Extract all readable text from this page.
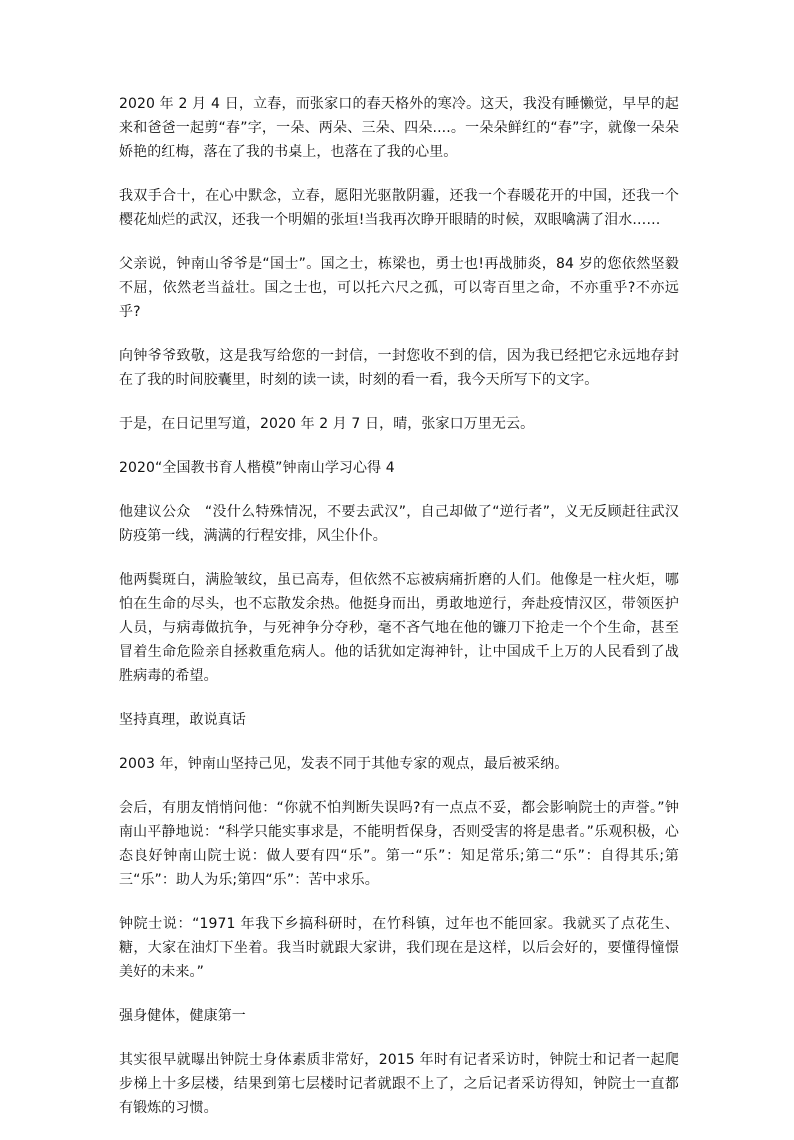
2020 年 2 月 4 日，立春，而张家口的春天格外的寒冷。这天，我没有睡懒觉，早早的起来和爸爸一起剪“春”字，一朵、两朵、三朵、四朵....。一朵朵鲜红的“春”字，就像一朵朵娇艳的红梅，落在了我的书桌上，也落在了我的心里。

我双手合十，在心中默念，立春，愿阳光驱散阴霾，还我一个春暖花开的中国，还我一个樱花灿烂的武汉，还我一个明媚的张垣!当我再次睁开眼睛的时候，双眼噙满了泪水……

父亲说，钟南山爷爷是“国士”。国之士，栋梁也，勇士也!再战肺炎，84 岁的您依然坚毅不屈，依然老当益壮。国之士也，可以托六尺之孤，可以寄百里之命，不亦重乎?不亦远乎?

向钟爷爷致敬，这是我写给您的一封信，一封您收不到的信，因为我已经把它永远地存封在了我的时间胶囊里，时刻的读一读，时刻的看一看，我今天所写下的文字。

于是，在日记里写道，2020 年 2 月 7 日，晴，张家口万里无云。

2020“全国教书育人楷模”钟南山学习心得 4

他建议公众　“没什么特殊情况，不要去武汉”，自己却做了“逆行者”，义无反顾赶往武汉防疫第一线，满满的行程安排，风尘仆仆。

他两鬓斑白，满脸皱纹，虽已高寿，但依然不忘被病痛折磨的人们。他像是一柱火炬，哪怕在生命的尽头，也不忘散发余热。他挺身而出，勇敢地逆行，奔赴疫情汉区，带领医护人员，与病毒做抗争，与死神争分夺秒，毫不吝气地在他的镰刀下抢走一个个生命，甚至冒着生命危险亲自拯救重危病人。他的话犹如定海神针，让中国成千上万的人民看到了战胜病毒的希望。

坚持真理，敢说真话

2003 年，钟南山坚持己见，发表不同于其他专家的观点，最后被采纳。

会后，有朋友悄悄问他：“你就不怕判断失误吗?有一点点不妥，都会影响院士的声誉。”钟南山平静地说：“科学只能实事求是，不能明哲保身，否则受害的将是患者。”乐观积极，心态良好钟南山院士说：做人要有四“乐”。第一“乐”：知足常乐;第二“乐”：自得其乐;第三“乐”：助人为乐;第四“乐”：苦中求乐。

钟院士说：“1971 年我下乡搞科研时，在竹科镇，过年也不能回家。我就买了点花生、糖，大家在油灯下坐着。我当时就跟大家讲，我们现在是这样，以后会好的，要懂得憧憬美好的未来。”

强身健体，健康第一

其实很早就曝出钟院士身体素质非常好，2015 年时有记者采访时，钟院士和记者一起爬步梯上十多层楼，结果到第七层楼时记者就跟不上了，之后记者采访得知，钟院士一直都有锻炼的习惯。
